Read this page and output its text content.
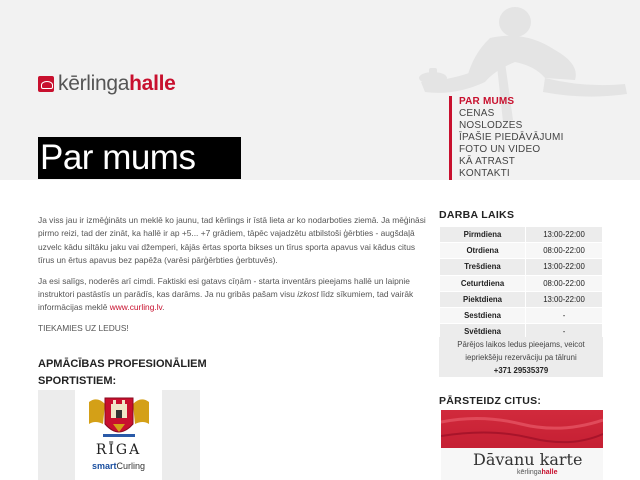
kērlinga halle
Par mums
PAR MUMS
CENAS
NOSLODZES
ĪPAŠIE PIEDĀVĀJUMI
FOTO UN VIDEO
KĀ ATRAST
KONTAKTI

Ja viss jau ir izmēģināts un meklē ko jaunu, tad kērlings ir īstā lieta ar ko nodarboties ziemā. Ja mēģināsi pirmo reizi, tad der zināt, ka hallē ir ap +5... +7 grādiem, tāpēc vajadzētu atbilstoši ģērbties - augšdaļā uzvelc kādu siltāku jaku vai džemperi, kājās ērtas sporta bikses un tīrus sporta apavus vai kādus citus tīrus un ērtus apavus bez papēža (varēsi pārģērbties ģerbtuvēs).

Ja esi salīgs, noderēs arī cimdi. Faktiski esi gatavs cīņām - starta inventārs pieejams hallē un laipnie instruktori pastāstīs un parādīs, kas darāms. Ja nu gribās pašam visu izkost līdz sīkumiem, tad vairāk informācijas meklē www.curling.lv.

TIEKAMIES UZ LEDUS!

APMĀCĪBAS PROFESIONĀLIEM SPORTISTIEM:
RĪGA
smartCurling
DARBA LAIKS
Pirmdiena	13:00-22:00
Otrdiena	08:00-22:00
Trešdiena	13:00-22:00
Ceturtdiena	08:00-22:00
Piektdiena	13:00-22:00
Sestdiena	-
Svētdiena	-
Pārējos laikos ledus pieejams, veicot iepriekšēju rezervāciju pa tālruni
+371 29535379
PĀRSTEIDZ CITUS:
Dāvanu karte
kērlingahalle
